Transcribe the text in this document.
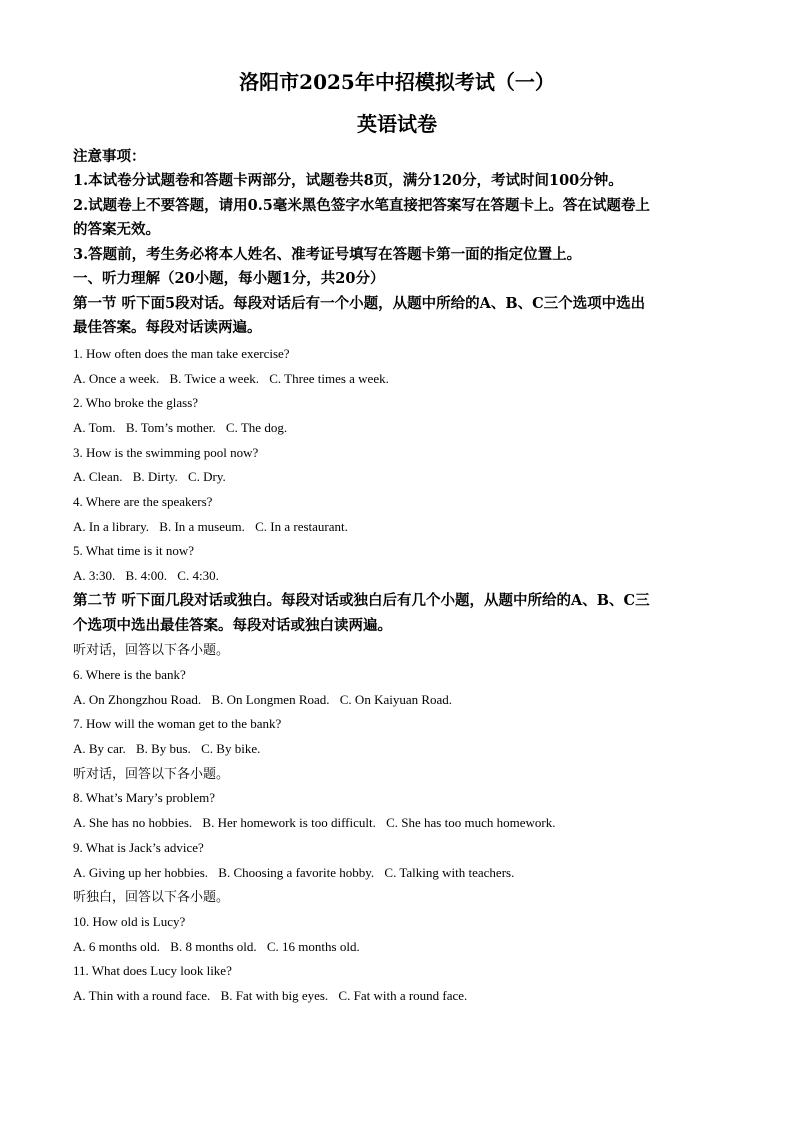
洛阳市2025年中招模拟考试（一）
英语试卷
注意事项：
1.本试卷分试题卷和答题卡两部分，试题卷共8页，满分120分，考试时间100分钟。
2.试题卷上不要答题，请用0.5毫米黑色签字水笔直接把答案写在答题卡上。答在试题卷上
的答案无效。
3.答题前，考生务必将本人姓名、准考证号填写在答题卡第一面的指定位置上。
一、听力理解（20小题，每小题1分，共20分）
第一节 听下面5段对话。每段对话后有一个小题，从题中所给的A、B、C三个选项中选出
最佳答案。每段对话读两遍。
1. How often does the man take exercise?
A. Once a week. B. Twice a week. C. Three times a week.
2. Who broke the glass?
A. Tom. B. Tom’s mother. C. The dog.
3. How is the swimming pool now?
A. Clean. B. Dirty. C. Dry.
4. Where are the speakers?
A. In a library. B. In a museum. C. In a restaurant.
5. What time is it now?
A. 3:30. B. 4:00. C. 4:30.
第二节 听下面几段对话或独白。每段对话或独白后有几个小题，从题中所给的A、B、C三
个选项中选出最佳答案。每段对话或独白读两遍。
听对话，回答以下各小题。
6. Where is the bank?
A. On Zhongzhou Road. B. On Longmen Road. C. On Kaiyuan Road.
7. How will the woman get to the bank?
A. By car. B. By bus. C. By bike.
听对话，回答以下各小题。
8. What’s Mary’s problem?
A. She has no hobbies. B. Her homework is too difficult. C. She has too much homework.
9. What is Jack’s advice?
A. Giving up her hobbies. B. Choosing a favorite hobby. C. Talking with teachers.
听独白，回答以下各小题。
10. How old is Lucy?
A. 6 months old. B. 8 months old. C. 16 months old.
11. What does Lucy look like?
A. Thin with a round face. B. Fat with big eyes. C. Fat with a round face.
